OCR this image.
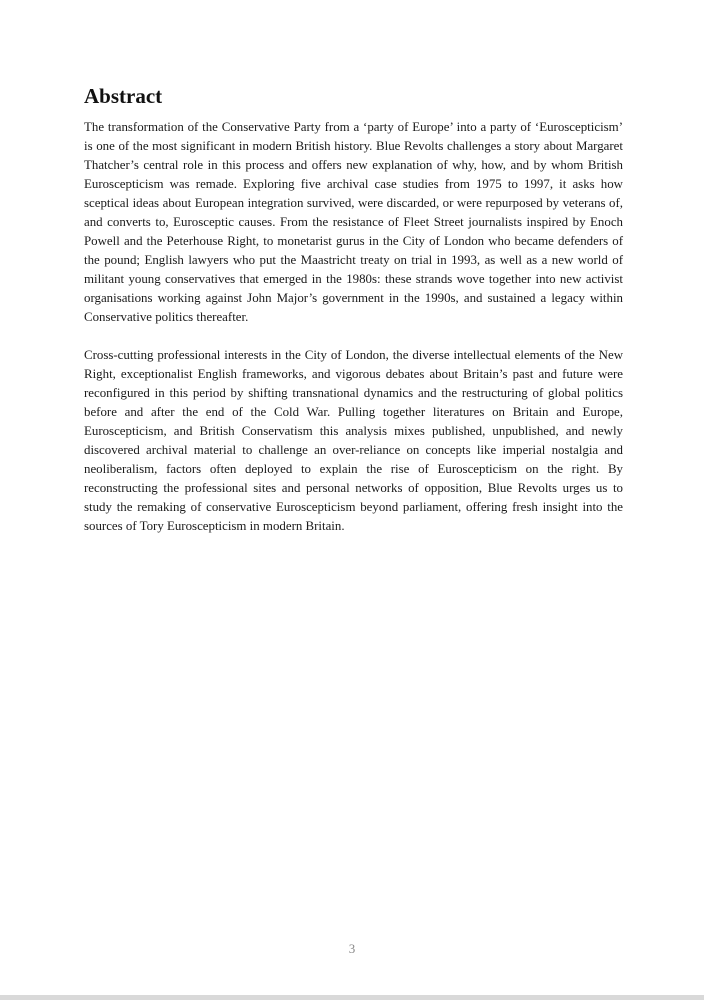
Abstract

The transformation of the Conservative Party from a ‘party of Europe’ into a party of ‘Euroscepticism’ is one of the most significant in modern British history. Blue Revolts challenges a story about Margaret Thatcher’s central role in this process and offers new explanation of why, how, and by whom British Euroscepticism was remade. Exploring five archival case studies from 1975 to 1997, it asks how sceptical ideas about European integration survived, were discarded, or were repurposed by veterans of, and converts to, Eurosceptic causes. From the resistance of Fleet Street journalists inspired by Enoch Powell and the Peterhouse Right, to monetarist gurus in the City of London who became defenders of the pound; English lawyers who put the Maastricht treaty on trial in 1993, as well as a new world of militant young conservatives that emerged in the 1980s: these strands wove together into new activist organisations working against John Major’s government in the 1990s, and sustained a legacy within Conservative politics thereafter.

Cross-cutting professional interests in the City of London, the diverse intellectual elements of the New Right, exceptionalist English frameworks, and vigorous debates about Britain’s past and future were reconfigured in this period by shifting transnational dynamics and the restructuring of global politics before and after the end of the Cold War. Pulling together literatures on Britain and Europe, Euroscepticism, and British Conservatism this analysis mixes published, unpublished, and newly discovered archival material to challenge an over-reliance on concepts like imperial nostalgia and neoliberalism, factors often deployed to explain the rise of Euroscepticism on the right. By reconstructing the professional sites and personal networks of opposition, Blue Revolts urges us to study the remaking of conservative Euroscepticism beyond parliament, offering fresh insight into the sources of Tory Euroscepticism in modern Britain.

3
